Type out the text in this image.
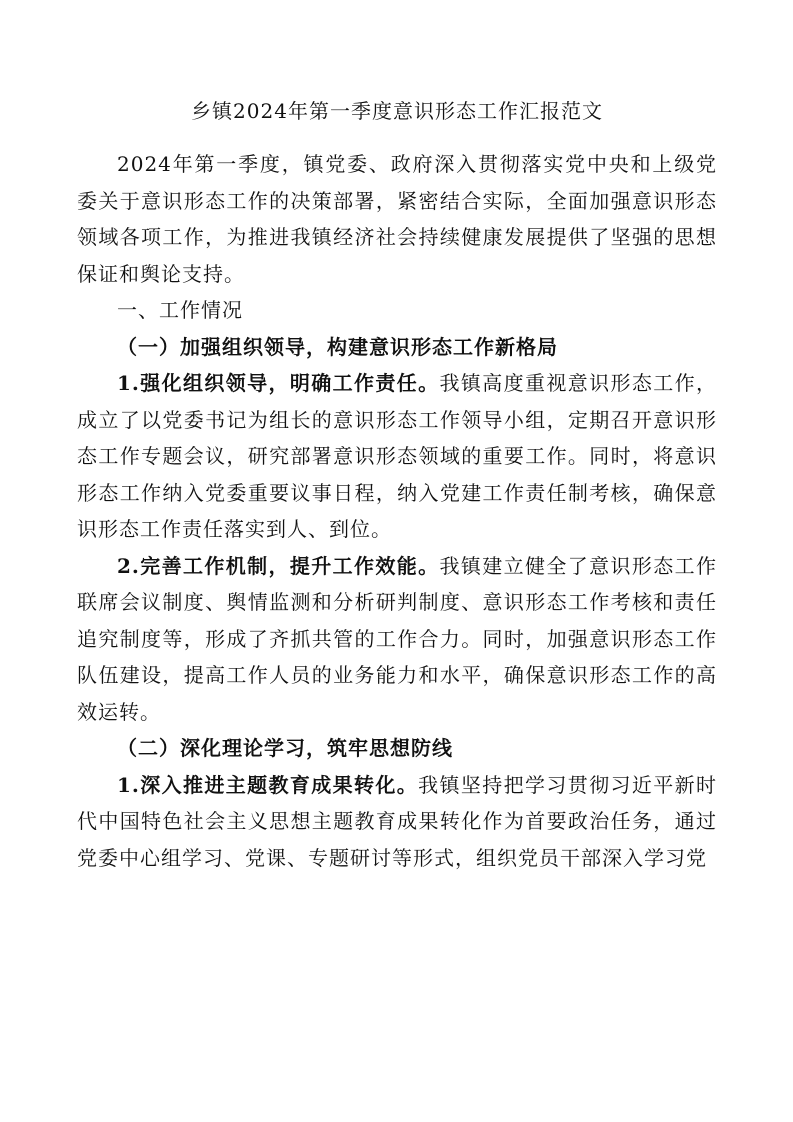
乡镇2024年第一季度意识形态工作汇报范文

2024年第一季度，镇党委、政府深入贯彻落实党中央和上级党委关于意识形态工作的决策部署，紧密结合实际，全面加强意识形态领域各项工作，为推进我镇经济社会持续健康发展提供了坚强的思想保证和舆论支持。

一、工作情况

（一）加强组织领导，构建意识形态工作新格局

1.强化组织领导，明确工作责任。我镇高度重视意识形态工作，成立了以党委书记为组长的意识形态工作领导小组，定期召开意识形态工作专题会议，研究部署意识形态领域的重要工作。同时，将意识形态工作纳入党委重要议事日程，纳入党建工作责任制考核，确保意识形态工作责任落实到人、到位。

2.完善工作机制，提升工作效能。我镇建立健全了意识形态工作联席会议制度、舆情监测和分析研判制度、意识形态工作考核和责任追究制度等，形成了齐抓共管的工作合力。同时，加强意识形态工作队伍建设，提高工作人员的业务能力和水平，确保意识形态工作的高效运转。

（二）深化理论学习，筑牢思想防线

1.深入推进主题教育成果转化。我镇坚持把学习贯彻习近平新时代中国特色社会主义思想主题教育成果转化作为首要政治任务，通过党委中心组学习、党课、专题研讨等形式，组织党员干部深入学习党
